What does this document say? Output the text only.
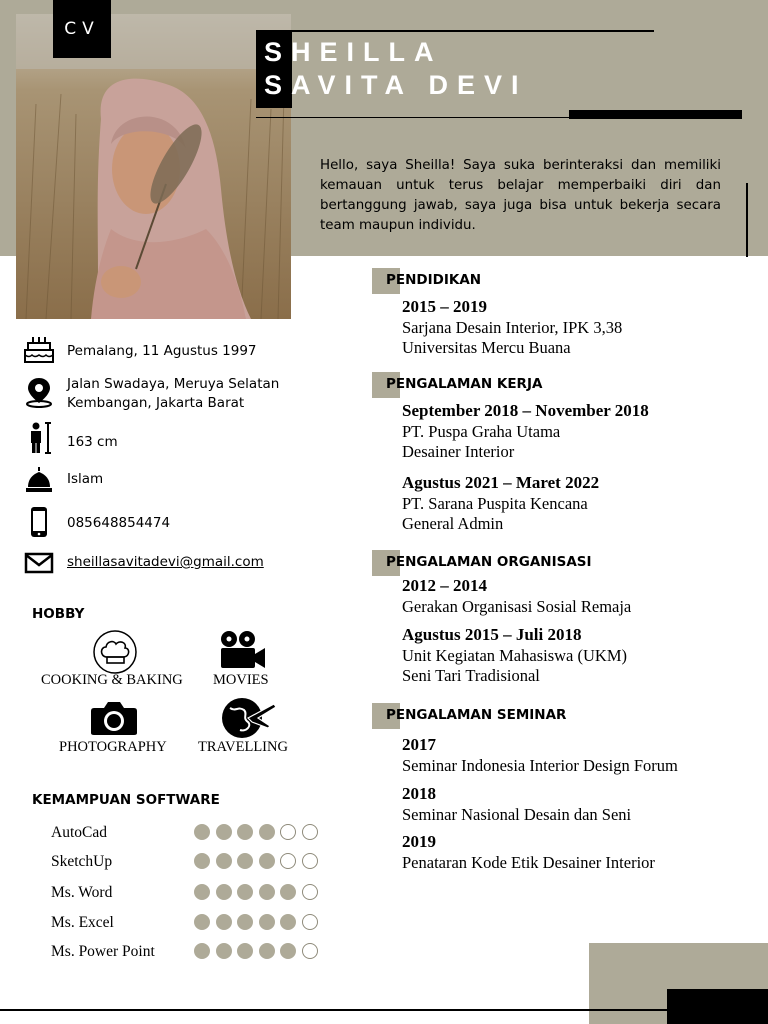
CV
SHEILLA
SAVITA DEVI
Hello, saya Sheilla! Saya suka berinteraksi dan memiliki kemauan untuk terus belajar memperbaiki diri dan bertanggung jawab, saya juga bisa untuk bekerja secara team maupun individu.
Pemalang, 11 Agustus 1997
Jalan Swadaya, Meruya Selatan
Kembangan, Jakarta Barat
163 cm
Islam
085648854474
sheillasavitadevi@gmail.com
HOBBY
COOKING & BAKING MOVIES
PHOTOGRAPHY TRAVELLING
KEMAMPUAN SOFTWARE
AutoCad
SketchUp
Ms. Word
Ms. Excel
Ms. Power Point
PENDIDIKAN
2015 – 2019
Sarjana Desain Interior, IPK 3,38
Universitas Mercu Buana
PENGALAMAN KERJA
September 2018 – November 2018
PT. Puspa Graha Utama
Desainer Interior
Agustus 2021 – Maret 2022
PT. Sarana Puspita Kencana
General Admin
PENGALAMAN ORGANISASI
2012 – 2014
Gerakan Organisasi Sosial Remaja
Agustus 2015 – Juli 2018
Unit Kegiatan Mahasiswa (UKM)
Seni Tari Tradisional
PENGALAMAN SEMINAR
2017
Seminar Indonesia Interior Design Forum
2018
Seminar Nasional Desain dan Seni
2019
Penataran Kode Etik Desainer Interior
